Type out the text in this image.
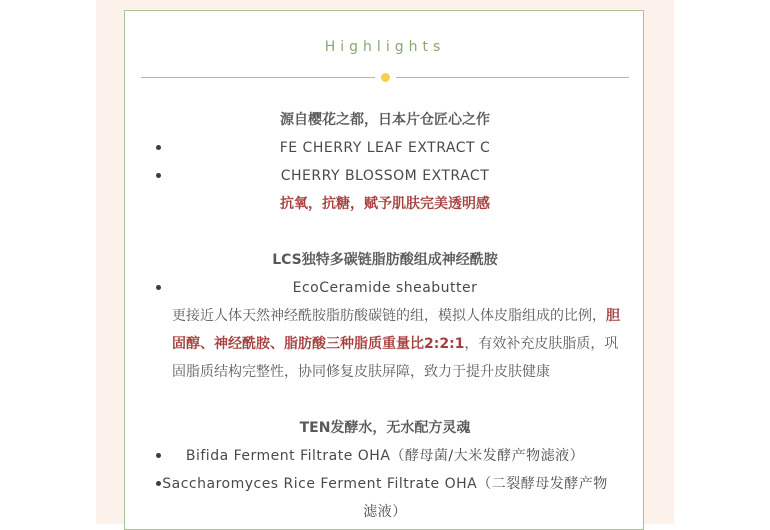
Highlights
源自樱花之都，日本片仓匠心之作
FE CHERRY LEAF EXTRACT C
CHERRY BLOSSOM EXTRACT
抗氧，抗糖，赋予肌肤完美透明感
LCS独特多碳链脂肪酸组成神经酰胺
EcoCeramide sheabutter
更接近人体天然神经酰胺脂肪酸碳链的组，模拟人体皮脂组成的比例，胆固醇、神经酰胺、脂肪酸三种脂质重量比2:2:1，有效补充皮肤脂质，巩固脂质结构完整性，协同修复皮肤屏障，致力于提升皮肤健康
TEN发酵水，无水配方灵魂
Bifida Ferment Filtrate OHA（酵母菌/大米发酵产物滤液）
Saccharomyces Rice Ferment Filtrate OHA（二裂酵母发酵产物
滤液）
